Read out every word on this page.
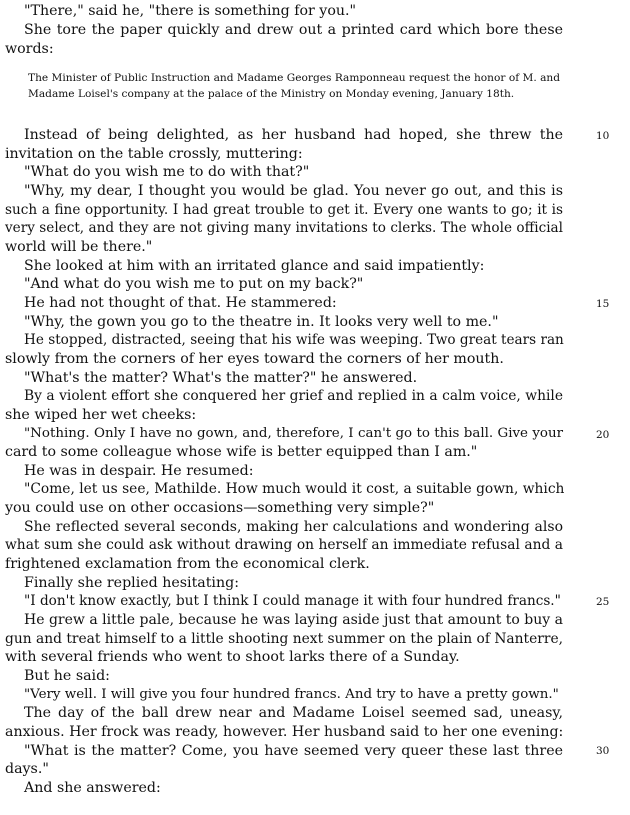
"There," said he, "there is something for you."
She tore the paper quickly and drew out a printed card which bore these
words:
Instead of being delighted, as her husband had hoped, she threw the
invitation on the table crossly, muttering:
"What do you wish me to do with that?"
"Why, my dear, I thought you would be glad. You never go out, and this is
such a fine opportunity. I had great trouble to get it. Every one wants to go; it is
very select, and they are not giving many invitations to clerks. The whole official
world will be there."
She looked at him with an irritated glance and said impatiently:
"And what do you wish me to put on my back?"
He had not thought of that. He stammered:
"Why, the gown you go to the theatre in. It looks very well to me."
He stopped, distracted, seeing that his wife was weeping. Two great tears ran
slowly from the corners of her eyes toward the corners of her mouth.
"What's the matter? What's the matter?" he answered.
By a violent effort she conquered her grief and replied in a calm voice, while
she wiped her wet cheeks:
"Nothing. Only I have no gown, and, therefore, I can't go to this ball. Give your
card to some colleague whose wife is better equipped than I am."
He was in despair. He resumed:
"Come, let us see, Mathilde. How much would it cost, a suitable gown, which
you could use on other occasions—something very simple?"
She reflected several seconds, making her calculations and wondering also
what sum she could ask without drawing on herself an immediate refusal and a
frightened exclamation from the economical clerk.
Finally she replied hesitating:
"I don't know exactly, but I think I could manage it with four hundred francs."
He grew a little pale, because he was laying aside just that amount to buy a
gun and treat himself to a little shooting next summer on the plain of Nanterre,
with several friends who went to shoot larks there of a Sunday.
But he said:
"Very well. I will give you four hundred francs. And try to have a pretty gown."
The day of the ball drew near and Madame Loisel seemed sad, uneasy,
anxious. Her frock was ready, however. Her husband said to her one evening:
"What is the matter? Come, you have seemed very queer these last three
days."
And she answered:
The Minister of Public Instruction and Madame Georges Ramponneau request the honor of M. and
Madame Loisel's company at the palace of the Ministry on Monday evening, January 18th.
10
15
20
25
30
